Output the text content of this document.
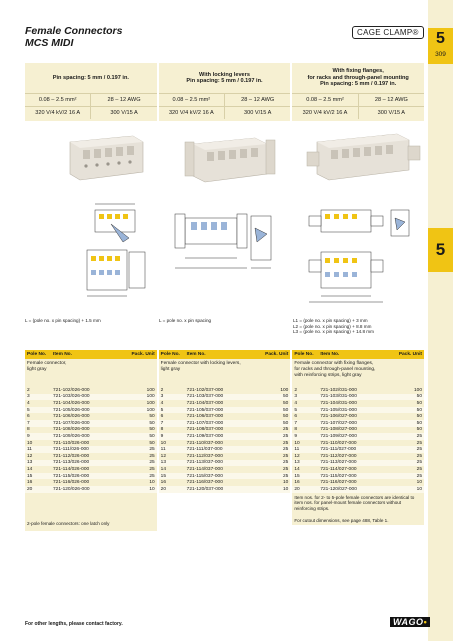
5
309
5
Female Connectors
MCS MIDI
CAGE CLAMP®
Pin spacing: 5 mm / 0.197 in.
0.08 – 2.5 mm²	28 – 12 AWG
320 V/4 kV/2 16 A	300 V/15 A
With locking levers
Pin spacing: 5 mm / 0.197 in.
0.08 – 2.5 mm²	28 – 12 AWG
320 V/4 kV/2 16 A	300 V/15 A
With fixing flanges,
for racks and through-panel mounting
Pin spacing: 5 mm / 0.197 in.
0.08 – 2.5 mm²	28 – 12 AWG
320 V/4 kV/2 16 A	300 V/15 A
L = (pole no. x pin spacing) + 1.5 mm	L = pole no. x pin spacing	L1 = (pole no. x pin spacing) + 3 mm
L2 = (pole no. x pin spacing) + 8.8 mm
L3 = (pole no. x pin spacing) + 14.8 mm
Pole No.	Item No.	Pack. Unit
Female connector,
light gray
2	721-102/026-000	100
3	721-103/026-000	100
4	721-104/026-000	100
5	721-105/026-000	100
6	721-106/026-000	50
7	721-107/026-000	50
8	721-108/026-000	50
9	721-109/026-000	50
10	721-110/026-000	50
11	721-111/026-000	25
12	721-112/026-000	25
13	721-113/026-000	25
14	721-114/026-000	25
15	721-115/026-000	25
16	721-116/026-000	10
20	721-120/026-000	10
2-pole female connectors: one latch only
Pole No.	Item No.	Pack. Unit
Female connector with locking levers,
light gray
2	721-102/037-000	100
3	721-103/037-000	50
4	721-104/037-000	50
5	721-105/037-000	50
6	721-106/037-000	50
7	721-107/037-000	50
8	721-108/037-000	25
9	721-109/037-000	25
10	721-110/037-000	25
11	721-111/037-000	25
12	721-112/037-000	25
13	721-113/037-000	25
14	721-114/037-000	25
15	721-115/037-000	25
16	721-116/037-000	10
20	721-120/037-000	10
Pole No.	Item No.	Pack. Unit
Female connector with fixing flanges,
for racks and through-panel mounting,
with reinforcing strips, light gray
2	721-102/031-000	100
3	721-103/031-000	50
4	721-104/031-000	50
5	721-105/031-000	50
6	721-106/027-000	50
7	721-107/027-000	50
8	721-108/027-000	50
9	721-109/027-000	25
10	721-110/027-000	25
11	721-111/027-000	25
12	721-112/027-000	25
13	721-113/027-000	25
14	721-114/027-000	25
15	721-115/027-000	25
16	721-116/027-000	10
20	721-120/027-000	10
Item nos. for 2- to 5-pole female connectors are identical to item nos. for panel-mount female connectors without reinforcing strips.

For cutout dimensions, see page 488, Table 1.
For other lengths, please contact factory.	WAGO•
